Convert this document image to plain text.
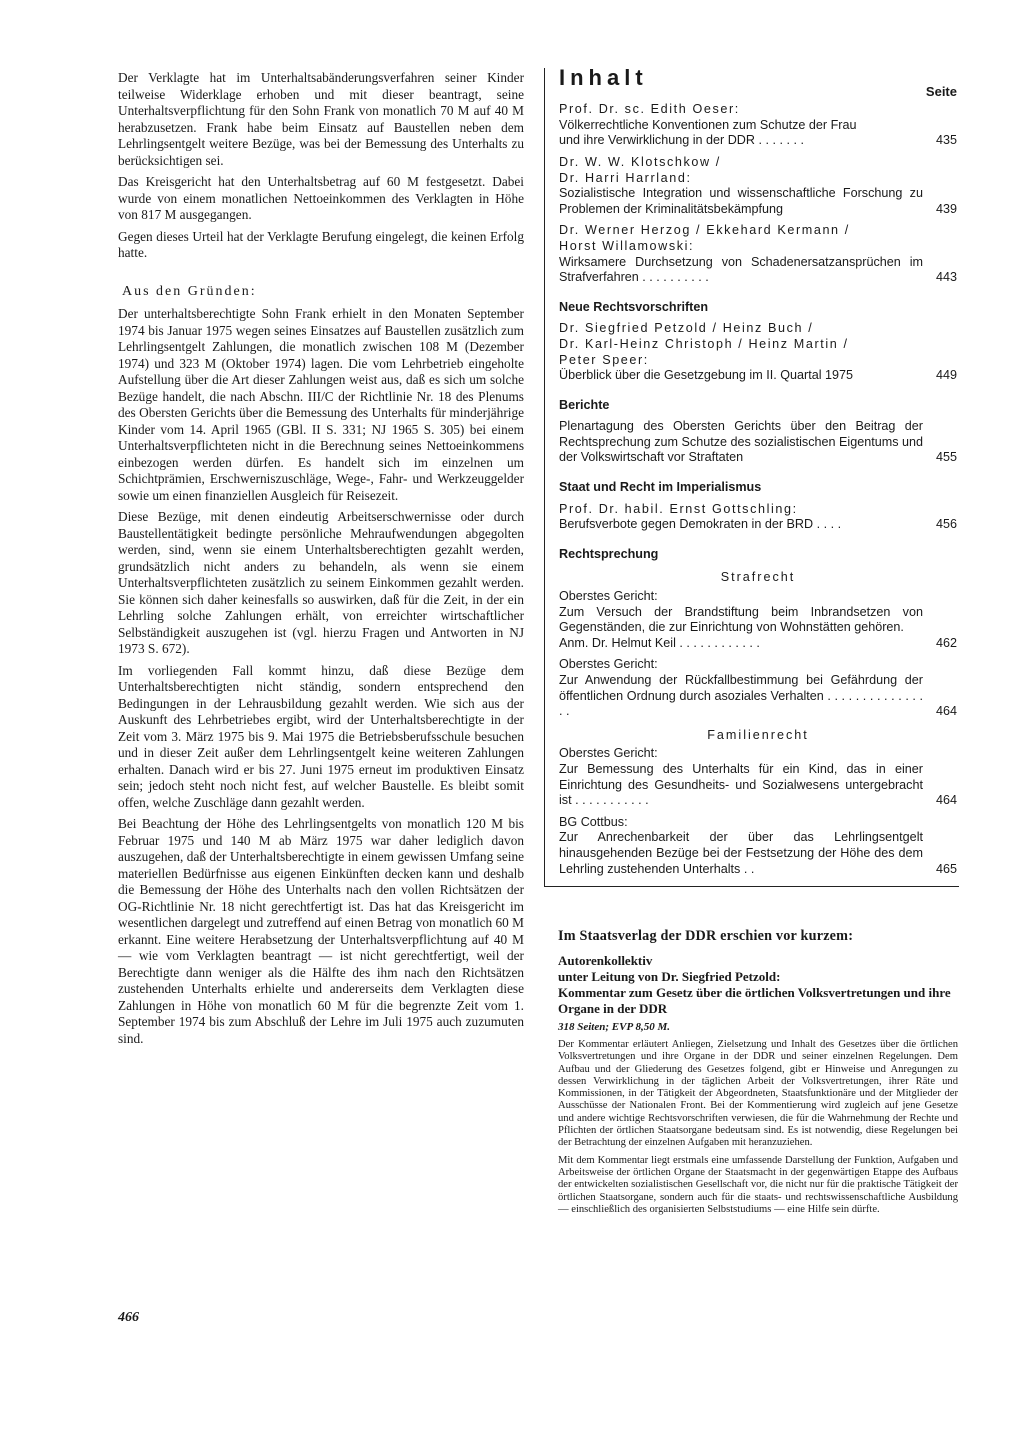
Der Verklagte hat im Unterhaltsabänderungsverfahren seiner Kinder teilweise Widerklage erhoben und mit dieser beantragt, seine Unterhaltsverpflichtung für den Sohn Frank von monatlich 70 M auf 40 M herabzusetzen. Frank habe beim Einsatz auf Baustellen neben dem Lehrlingsentgelt weitere Bezüge, was bei der Bemessung des Unterhalts zu berücksichtigen sei.

Das Kreisgericht hat den Unterhaltsbetrag auf 60 M festgesetzt. Dabei wurde von einem monatlichen Nettoeinkommen des Verklagten in Höhe von 817 M ausgegangen.

Gegen dieses Urteil hat der Verklagte Berufung eingelegt, die keinen Erfolg hatte.

Aus den Gründen:

Der unterhaltsberechtigte Sohn Frank erhielt in den Monaten September 1974 bis Januar 1975 wegen seines Einsatzes auf Baustellen zusätzlich zum Lehrlingsentgelt Zahlungen, die monatlich zwischen 108 M (Dezember 1974) und 323 M (Oktober 1974) lagen. Die vom Lehrbetrieb eingeholte Aufstellung über die Art dieser Zahlungen weist aus, daß es sich um solche Bezüge handelt, die nach Abschn. III/C der Richtlinie Nr. 18 des Plenums des Obersten Gerichts über die Bemessung des Unterhalts für minderjährige Kinder vom 14. April 1965 (GBl. II S. 331; NJ 1965 S. 305) bei einem Unterhaltsverpflichteten nicht in die Berechnung seines Nettoeinkommens einbezogen werden dürfen. Es handelt sich im einzelnen um Schichtprämien, Erschwerniszuschläge, Wege-, Fahr- und Werkzeuggelder sowie um einen finanziellen Ausgleich für Reisezeit.

Diese Bezüge, mit denen eindeutig Arbeitserschwernisse oder durch Baustellentätigkeit bedingte persönliche Mehraufwendungen abgegolten werden, sind, wenn sie einem Unterhaltsberechtigten gezahlt werden, grundsätzlich nicht anders zu behandeln, als wenn sie einem Unterhaltsverpflichteten zusätzlich zu seinem Einkommen gezahlt werden. Sie können sich daher keinesfalls so auswirken, daß für die Zeit, in der ein Lehrling solche Zahlungen erhält, von erreichter wirtschaftlicher Selbständigkeit auszugehen ist (vgl. hierzu Fragen und Antworten in NJ 1973 S. 672).

Im vorliegenden Fall kommt hinzu, daß diese Bezüge dem Unterhaltsberechtigten nicht ständig, sondern entsprechend den Bedingungen in der Lehrausbildung gezahlt werden. Wie sich aus der Auskunft des Lehrbetriebes ergibt, wird der Unterhaltsberechtigte in der Zeit vom 3. März 1975 bis 9. Mai 1975 die Betriebsberufsschule besuchen und in dieser Zeit außer dem Lehrlingsentgelt keine weiteren Zahlungen erhalten. Danach wird er bis 27. Juni 1975 erneut im produktiven Einsatz sein; jedoch steht noch nicht fest, auf welcher Baustelle. Es bleibt somit offen, welche Zuschläge dann gezahlt werden.

Bei Beachtung der Höhe des Lehrlingsentgelts von monatlich 120 M bis Februar 1975 und 140 M ab März 1975 war daher lediglich davon auszugehen, daß der Unterhaltsberechtigte in einem gewissen Umfang seine materiellen Bedürfnisse aus eigenen Einkünften decken kann und deshalb die Bemessung der Höhe des Unterhalts nach den vollen Richtsätzen der OG-Richtlinie Nr. 18 nicht gerechtfertigt ist. Das hat das Kreisgericht im wesentlichen dargelegt und zutreffend auf einen Betrag von monatlich 60 M erkannt. Eine weitere Herabsetzung der Unterhaltsverpflichtung auf 40 M — wie vom Verklagten beantragt — ist nicht gerechtfertigt, weil der Berechtigte dann weniger als die Hälfte des ihm nach den Richtsätzen zustehenden Unterhalts erhielte und andererseits dem Verklagten diese Zahlungen in Höhe von monatlich 60 M für die begrenzte Zeit vom 1. September 1974 bis zum Abschluß der Lehre im Juli 1975 auch zuzumuten sind.

466
Inhalt
Seite
Prof. Dr. sc. Edith Oeser:
Völkerrechtliche Konventionen zum Schutze der Frau
und ihre Verwirklichung in der DDR . . . . . . .	435
Dr. W. W. Klotschkow /
Dr. Harri Harrland:
Sozialistische Integration und wissenschaftliche Forschung zu Problemen der Kriminalitätsbekämpfung	439
Dr. Werner Herzog / Ekkehard Kermann /
Horst Willamowski:
Wirksamere Durchsetzung von Schadenersatzansprüchen im Strafverfahren . . . . . . . . . .	443
Neue Rechtsvorschriften
Dr. Siegfried Petzold / Heinz Buch /
Dr. Karl-Heinz Christoph / Heinz Martin /
Peter Speer:
Überblick über die Gesetzgebung im II. Quartal 1975	449
Berichte
Plenartagung des Obersten Gerichts über den Beitrag der Rechtsprechung zum Schutze des sozialistischen Eigentums und der Volkswirtschaft vor Straftaten	455
Staat und Recht im Imperialismus
Prof. Dr. habil. Ernst Gottschling:
Berufsverbote gegen Demokraten in der BRD . . . .	456
Rechtsprechung
Strafrecht
Oberstes Gericht:
Zum Versuch der Brandstiftung beim Inbrandsetzen von Gegenständen, die zur Einrichtung von Wohnstätten gehören.
Anm. Dr. Helmut Keil . . . . . . . . . . . .	462
Oberstes Gericht:
Zur Anwendung der Rückfallbestimmung bei Gefährdung der öffentlichen Ordnung durch asoziales Verhalten . . . . . . . . . . . . . . . .	464
Familienrecht
Oberstes Gericht:
Zur Bemessung des Unterhalts für ein Kind, das in einer Einrichtung des Gesundheits- und Sozialwesens untergebracht ist . . . . . . . . . . .	464
BG Cottbus:
Zur Anrechenbarkeit der über das Lehrlingsentgelt hinausgehenden Bezüge bei der Festsetzung der Höhe des dem Lehrling zustehenden Unterhalts . .	465
Im Staatsverlag der DDR erschien vor kurzem:

Autorenkollektiv

unter Leitung von Dr. Siegfried Petzold:

Kommentar zum Gesetz über die örtlichen Volksvertretungen und ihre Organe in der DDR

318 Seiten; EVP 8,50 M.

Der Kommentar erläutert Anliegen, Zielsetzung und Inhalt des Gesetzes über die örtlichen Volksvertretungen und ihre Organe in der DDR und seiner einzelnen Regelungen. Dem Aufbau und der Gliederung des Gesetzes folgend, gibt er Hinweise und Anregungen zu dessen Verwirklichung in der täglichen Arbeit der Volksvertretungen, ihrer Räte und Kommissionen, in der Tätigkeit der Abgeordneten, Staatsfunktionäre und der Mitglieder der Ausschüsse der Nationalen Front. Bei der Kommentierung wird zugleich auf jene Gesetze und andere wichtige Rechtsvorschriften verwiesen, die für die Wahrnehmung der Rechte und Pflichten der örtlichen Staatsorgane bedeutsam sind. Es ist notwendig, diese Regelungen bei der Betrachtung der einzelnen Aufgaben mit heranzuziehen.

Mit dem Kommentar liegt erstmals eine umfassende Darstellung der Funktion, Aufgaben und Arbeitsweise der örtlichen Organe der Staatsmacht in der gegenwärtigen Etappe des Aufbaus der entwickelten sozialistischen Gesellschaft vor, die nicht nur für die praktische Tätigkeit der örtlichen Staatsorgane, sondern auch für die staats- und rechtswissenschaftliche Ausbildung — einschließlich des organisierten Selbststudiums — eine Hilfe sein dürfte.
